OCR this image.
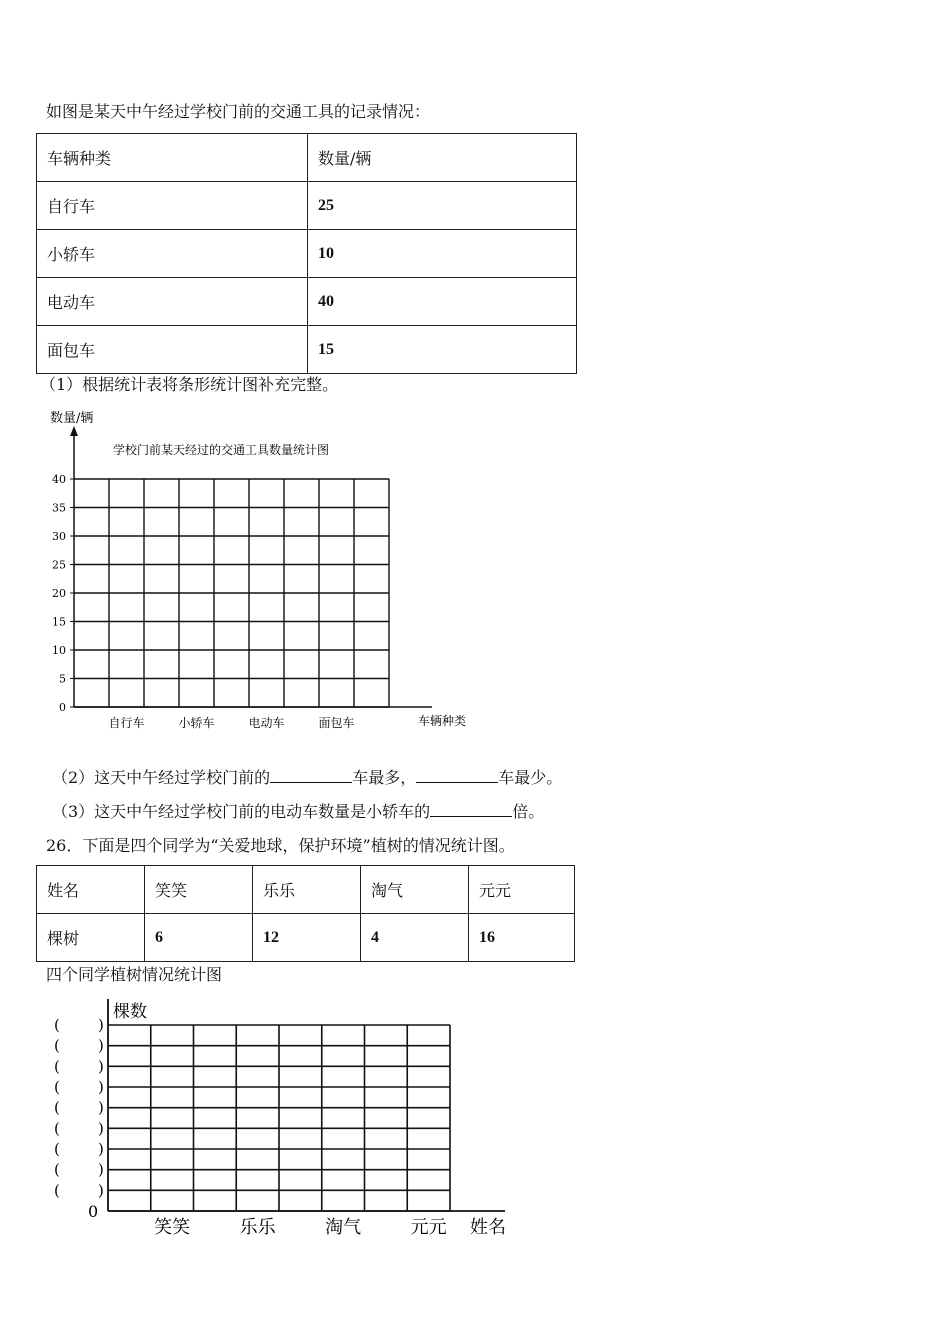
如图是某天中午经过学校门前的交通工具的记录情况：
车辆种类	数量/辆
自行车	25
小轿车	10
电动车	40
面包车	15
（1）根据统计表将条形统计图补充完整。
数量/辆
学校门前某天经过的交通工具数量统计图
0
5
10
15
20
25
30
35
40
自行车	小轿车	电动车	面包车	车辆种类
（2）这天中午经过学校门前的	车最多，	车最少。
（3）这天中午经过学校门前的电动车数量是小轿车的	倍。
26．下面是四个同学为“关爱地球，保护环境”植树的情况统计图。
姓名	笑笑	乐乐	淘气	元元
棵树	6	12	4	16
四个同学植树情况统计图
棵数
(	)
(	)
(	)
(	)
(	)
(	)
(	)
(	)
(	)
0
笑笑	乐乐	淘气	元元 姓名
